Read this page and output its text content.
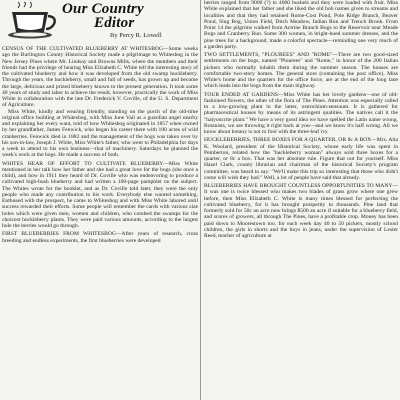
Our Country
Editor
By Percy R. Lowell

CENSUS OF THE CULTIVATED BLUEBERRY AT WHITESBOG—Some weeks ago the Burlington County Historical Society made a pilgrimage to Whitesbog in the New Jersey Pines where Mr. Lindsay and Browns Mills, where the members and their friends had the privilege of hearing Miss Elizabeth C. White tell the interesting story of the cultivated blueberry and how it was developed from the old swamp huckleberry. Through the years, the huckleberry, small and full of seeds, has grown up and become the large, delicious and prized blueberry known to the present generation. It took some 40 years of study and labor to achieve the result, however, practically the work of Miss White in collaboration with the late Dr. Frederick V. Coville, of the U. S. Department of Agriculture.

Miss White, kindly and wearing friendly, standing on the porch of the old-time original office building at Whitesbog, with Miss June Vail as a guardian angel nearby and explaining her every want, told of how Whitesbog originated in 1857 when owned by her grandfather, James Fenwick, who began his career there with 100 acres of wild cranberries. Fenwick died in 1882 and the management of the bogs was taken over by his son-in-law, Joseph J. White, Miss White's father, who went to Philadelphia for days a week to attend to his own business—that of machinery. Saturdays he planned the week's work at the bogs. He made a success of both.

WHITES HEAR OF EFFORT TO CULTIVATE BLUEBERRY—Miss White mentioned in her talk how her father and she had a great love for the bogs (she once a child), and how in 1911 they heard of Dr. Coville who was endeavoring to produce a cultivated high-bush blueberry and had written a 100-page pamphlet on the subject. The Whites wrote for the booklet, and as Dr. Coville told later, they were the only people who made any contribution to his work. Everybody else wanted something. Enthused with the prospect, he came to Whitesbog and with Miss White labored until success rewarded their efforts. Some people will remember the cards with various size holes which were given men, women and children, who combed the swamps for the choicest huckleberry plants. They were paid various amounts, according to the largest hole the berries would go through.

FIRST BLUEBERRIES FROM WHITESBOG—After years of research, cross breeding and endless experiments, the first blueberries were developed

berries ranged from 9000 (?) to 4000 bushels and they were loaded with fruit. Miss White explained that her father and she liked the old bob names given to streams and localities and that they had retained Rome-Cost Pond, Pole Ridge Branch, Beaver Pond, Slug Bog, Union Field, Ditch Meadow, Indian Run and Trench Brook. From Point 14 the pilgrims walked from Actrine Branch Bogs to the Reservoir near Meade Bogs and Cranberry Run. Some 300 women, in bright-hued summer dresses, and the pine trees for a background, made a colorful spectacle—reminding one very much of a garden party.

TWO SETTLEMENTS, "PLOUREES" AND "ROME"—There are two good-sized settlements on the bogs, named "Plourees" and "Rome," in honor of the 200 Italian pickers who normally inhabit them during the summer season. The houses are comfortable two-story homes. The general store (containing the post office), Miss White's home and the quarters for the office force, are at the end of the long lane which leads into the bogs from the main highway.

TOUR ENDED AT GARDENS—Miss White has her lovely gardens—one of old-fashioned flowers, the other of the flora of The Pines. Attention was especially called to a low-growing plant in the latter, ostrochium-sensuum. It is gathered for pharmaceutical houses by means of its astringent qualities. The natives call it the "halyoncrite plant." We have a very good idea we have spelled the Latin name wrong. Botanists, we are throwing it right back at you—and we know it's half wrong. All we know about botany is not to fool with the three-leaf ivy.

HUCKLEBERRIES, THREE BOXES FOR A QUARTER, OR 8c A BOX—Mrs. Alta K. Woolard, president of the Historical Society, whose early life was spent in Pemberton, related how the "huckleberry woman" always sold three boxes for a quarter, or 8c a box. That was her absolute rule. Figure that out for yourself. Miss Hazel Clark, county librarian and chairman of the historical Society's program committee, was heard to say: "We'll make this trip so interesting that those who didn't come will wish they had." Well, a lot of people have said that already.

BLUEBERRIES HAVE BROUGHT COUNTLESS OPPORTUNITIES TO MANY—It was one is twice blessed who makes two blades of grass grow where one grew before, then Miss Elizabeth C. White is many times blessed for perfecting the cultivated blueberry, for it has brought prosperity to thousands. Pine land that formerly sold for 50c an acre now brings $500 an acre if suitable for a blueberry field, and scores of growers, all through The Pines, have a profitable crop. Money has been paid down to Moorestown too, for each week day 40 to 50 pickers, mostly school children, the girls in shorts and the boys in jeans, under the supervision of Lester Reed, teacher of agriculture at
